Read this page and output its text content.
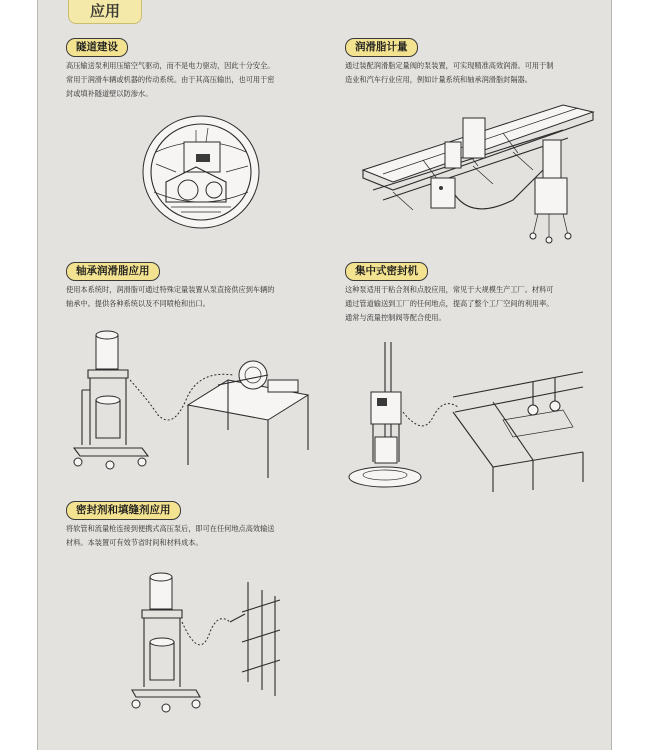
应用
隧道建设
高压输送泵利用压缩空气驱动，而不是电力驱动，因此十分安全。
常用于润滑车辆或机器的传动系统。由于其高压输出，也可用于密
封或填补隧道壁以防渗水。
润滑脂计量
通过装配润滑脂定量阀的泵装置，可实现精准高效润滑。可用于制
造业和汽车行业应用，例如计量系统和轴承润滑脂封隔器。
轴承润滑脂应用
使用本系统时，润滑脂可通过特殊定量装置从泵直接供应到车辆的
轴承中。提供各种系统以及不同喷枪和出口。
集中式密封机
这种泵适用于粘合剂和点胶应用，常见于大规模生产工厂。材料可
通过管道输送到工厂的任何地点，提高了整个工厂空间的利用率。
通常与流量控制阀等配合使用。
密封剂和填缝剂应用
将软管和流量枪连接到便携式高压泵后，即可在任何地点高效输送
材料。本装置可有效节省时间和材料成本。
